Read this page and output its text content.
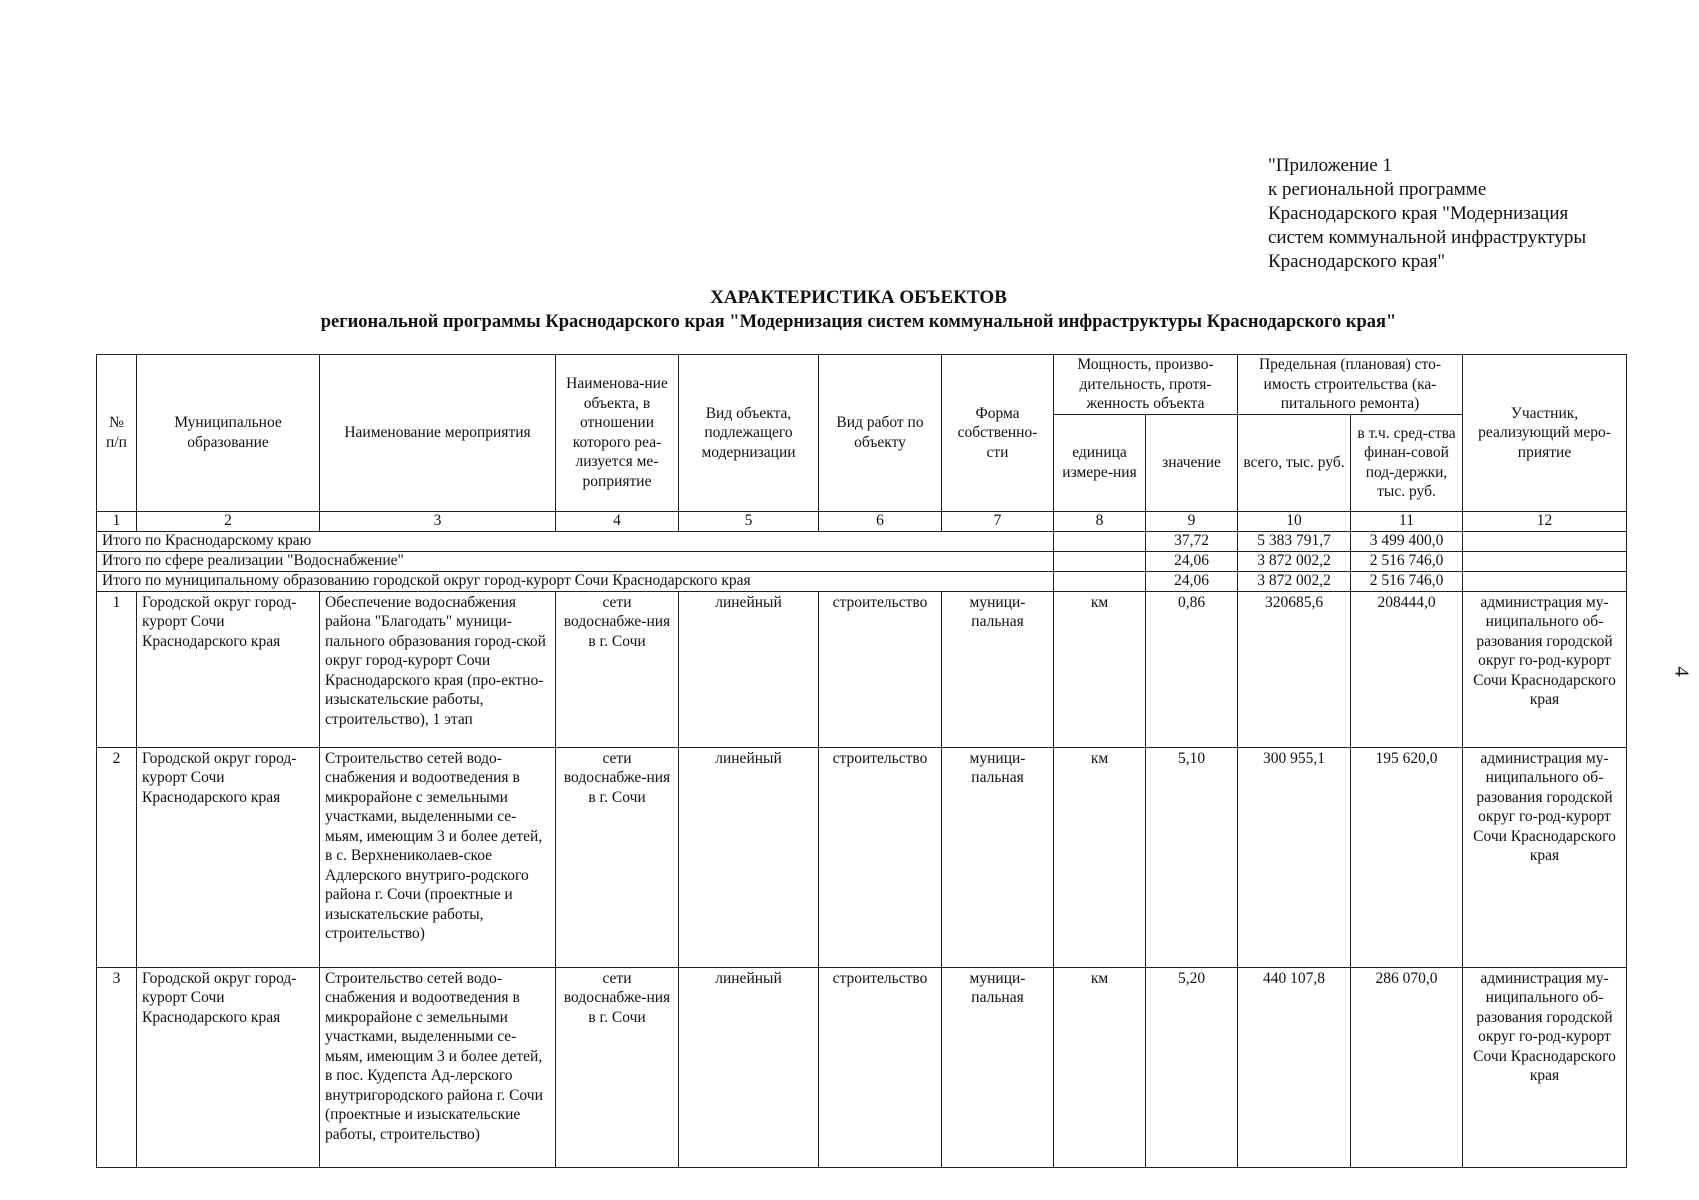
"Приложение 1
к региональной программе
Краснодарского края "Модернизация
систем коммунальной инфраструктуры
Краснодарского края"
ХАРАКТЕРИСТИКА ОБЪЕКТОВ
региональной программы Краснодарского края "Модернизация систем коммунальной инфраструктуры Краснодарского края"
4
№ п/п	Муниципальное образование	Наименование мероприятия	Наименова-ние объекта, в отношении которого реа-лизуется ме-роприятие	Вид объекта, подлежащего модернизации	Вид работ по объекту	Форма собственно-сти	Мощность, произво-дительность, протя-женность объекта		Предельная (плановая) сто-имость строительства (ка-питального ремонта)		Участник, реализующий меро-приятие
							единица измере-ния	значение	всего, тыс. руб.	в т.ч. сред-ства финан-совой под-держки, тыс. руб.	
1	2	3	4	5	6	7	8	9	10	11	12
Итого по Краснодарскому краю								37,72	5 383 791,7	3 499 400,0	
Итого по сфере реализации "Водоснабжение"								24,06	3 872 002,2	2 516 746,0	
Итого по муниципальному образованию городской округ город-курорт Сочи Краснодарского края								24,06	3 872 002,2	2 516 746,0	
1	Городской округ город-курорт Сочи Краснодарского края	Обеспечение водоснабжения района "Благодать" муници-пального образования город-ской округ город-курорт Сочи Краснодарского края (про-ектно-изыскательские работы, строительство), 1 этап	сети водоснабже-ния в г. Сочи	линейный	строительство	муници-пальная	км	0,86	320685,6	208444,0	администрация му-ниципального об-разования городской округ го-род-курорт Сочи Краснодарского края
2	Городской округ город-курорт Сочи Краснодарского края	Строительство сетей водо-снабжения и водоотведения в микрорайоне с земельными участками, выделенными се-мьям, имеющим 3 и более детей, в с. Верхнениколаев-ское Адлерского внутриго-родского района г. Сочи (проектные и изыскательские работы, строительство)	сети водоснабже-ния в г. Сочи	линейный	строительство	муници-пальная	км	5,10	300 955,1	195 620,0	администрация му-ниципального об-разования городской округ го-род-курорт Сочи Краснодарского края
3	Городской округ город-курорт Сочи Краснодарского края	Строительство сетей водо-снабжения и водоотведения в микрорайоне с земельными участками, выделенными се-мьям, имеющим 3 и более детей, в пос. Кудепста Ад-лерского внутригородского района г. Сочи (проектные и изыскательские работы, строительство)	сети водоснабже-ния в г. Сочи	линейный	строительство	муници-пальная	км	5,20	440 107,8	286 070,0	администрация му-ниципального об-разования городской округ го-род-курорт Сочи Краснодарского края
